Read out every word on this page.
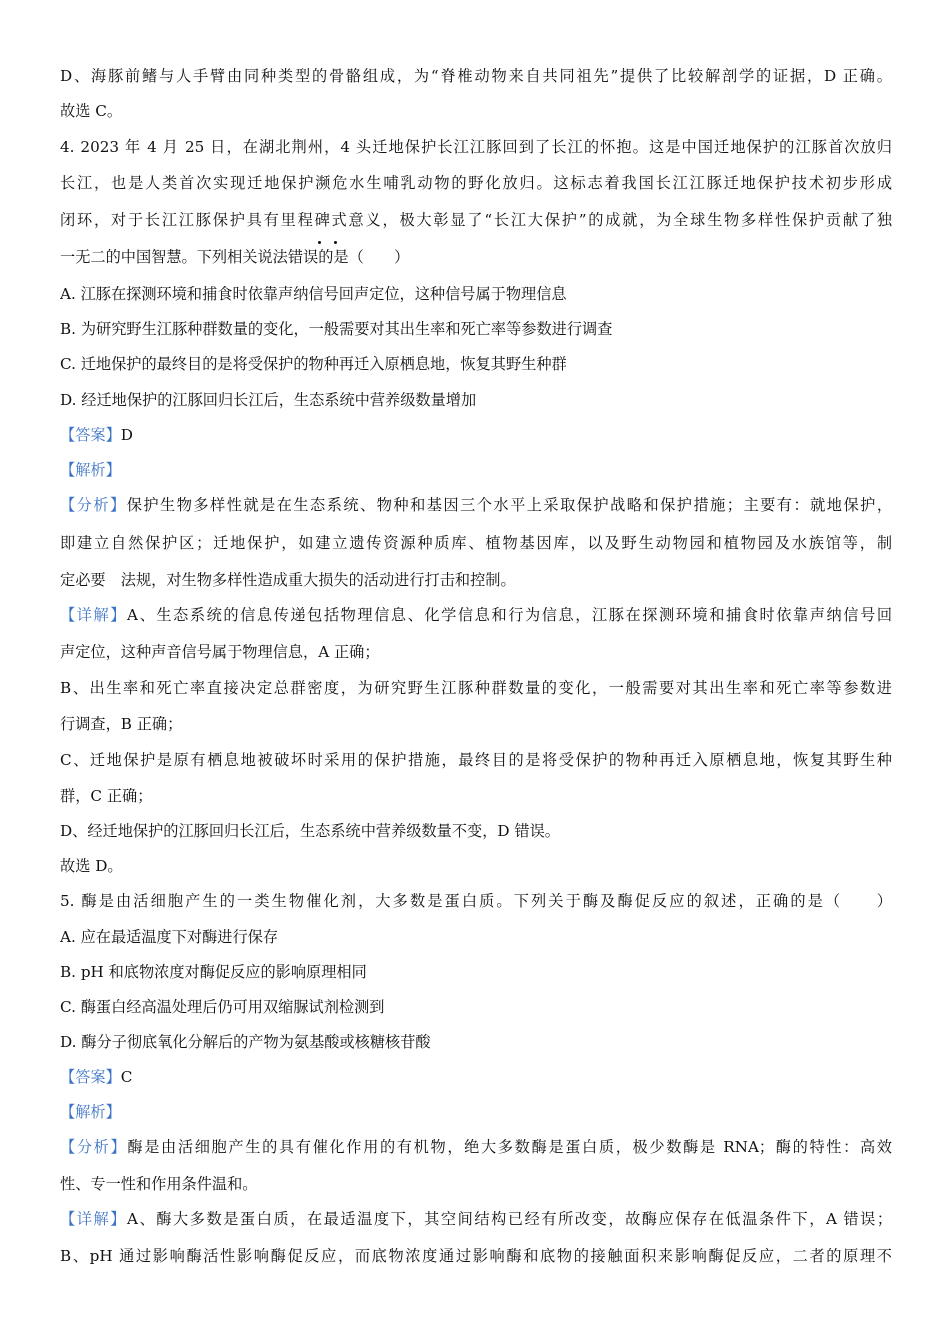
D、海豚前鳍与人手臂由同种类型的骨骼组成，为“脊椎动物来自共同祖先”提供了比较解剖学的证据，D 正确。
故选 C。
4. 2023 年 4 月 25 日，在湖北荆州，4 头迁地保护长江江豚回到了长江的怀抱。这是中国迁地保护的江豚首次放归
长江，也是人类首次实现迁地保护濒危水生哺乳动物的野化放归。这标志着我国长江江豚迁地保护技术初步形成
闭环，对于长江江豚保护具有里程碑式意义，极大彰显了“长江大保护”的成就，为全球生物多样性保护贡献了独
一无二的中国智慧。下列相关说法错误的是（　　）
A. 江豚在探测环境和捕食时依靠声纳信号回声定位，这种信号属于物理信息
B. 为研究野生江豚种群数量的变化，一般需要对其出生率和死亡率等参数进行调查
C. 迁地保护的最终目的是将受保护的物种再迁入原栖息地，恢复其野生种群
D. 经迁地保护的江豚回归长江后，生态系统中营养级数量增加
【答案】D
【解析】
【分析】保护生物多样性就是在生态系统、物种和基因三个水平上采取保护战略和保护措施；主要有：就地保护，
即建立自然保护区；迁地保护，如建立遗传资源种质库、植物基因库，以及野生动物园和植物园及水族馆等，制
定必要　法规，对生物多样性造成重大损失的活动进行打击和控制。
【详解】A、生态系统的信息传递包括物理信息、化学信息和行为信息，江豚在探测环境和捕食时依靠声纳信号回
声定位，这种声音信号属于物理信息，A 正确；
B、出生率和死亡率直接决定总群密度，为研究野生江豚种群数量的变化，一般需要对其出生率和死亡率等参数进
行调查，B 正确；
C、迁地保护是原有栖息地被破坏时采用的保护措施，最终目的是将受保护的物种再迁入原栖息地，恢复其野生种
群，C 正确；
D、经迁地保护的江豚回归长江后，生态系统中营养级数量不变，D 错误。
故选 D。
5. 酶是由活细胞产生的一类生物催化剂，大多数是蛋白质。下列关于酶及酶促反应的叙述，正确的是（　　）
A. 应在最适温度下对酶进行保存
B. pH 和底物浓度对酶促反应的影响原理相同
C. 酶蛋白经高温处理后仍可用双缩脲试剂检测到
D. 酶分子彻底氧化分解后的产物为氨基酸或核糖核苷酸
【答案】C
【解析】
【分析】酶是由活细胞产生的具有催化作用的有机物，绝大多数酶是蛋白质，极少数酶是 RNA；酶的特性：高效
性、专一性和作用条件温和。
【详解】A、酶大多数是蛋白质，在最适温度下，其空间结构已经有所改变，故酶应保存在低温条件下，A 错误；
B、pH 通过影响酶活性影响酶促反应，而底物浓度通过影响酶和底物的接触面积来影响酶促反应，二者的原理不
